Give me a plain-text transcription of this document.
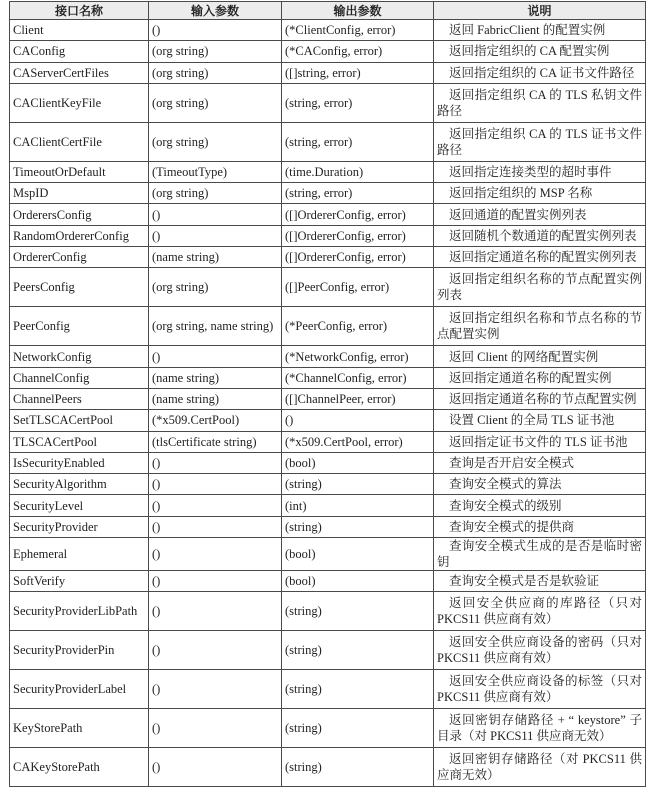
接口名称	输入参数	输出参数	说明
Client	()	(*ClientConfig, error)	返回 FabricClient 的配置实例
CAConfig	(org string)	(*CAConfig, error)	返回指定组织的 CA 配置实例
CAServerCertFiles	(org string)	([]string, error)	返回指定组织的 CA 证书文件路径
CAClientKeyFile	(org string)	(string, error)	返回指定组织 CA 的 TLS 私钥文件路径
CAClientCertFile	(org string)	(string, error)	返回指定组织 CA 的 TLS 证书文件路径
TimeoutOrDefault	(TimeoutType)	(time.Duration)	返回指定连接类型的超时事件
MspID	(org string)	(string, error)	返回指定组织的 MSP 名称
OrderersConfig	()	([]OrdererConfig, error)	返回通道的配置实例列表
RandomOrdererConfig	()	([]OrdererConfig, error)	返回随机个数通道的配置实例列表
OrdererConfig	(name string)	([]OrdererConfig, error)	返回指定通道名称的配置实例列表
PeersConfig	(org string)	([]PeerConfig, error)	返回指定组织名称的节点配置实例列表
PeerConfig	(org string, name string)	(*PeerConfig, error)	返回指定组织名称和节点名称的节点配置实例
NetworkConfig	()	(*NetworkConfig, error)	返回 Client 的网络配置实例
ChannelConfig	(name string)	(*ChannelConfig, error)	返回指定通道名称的配置实例
ChannelPeers	(name string)	([]ChannelPeer, error)	返回指定通道名称的节点配置实例
SetTLSCACertPool	(*x509.CertPool)	()	设置 Client 的全局 TLS 证书池
TLSCACertPool	(tlsCertificate string)	(*x509.CertPool, error)	返回指定证书文件的 TLS 证书池
IsSecurityEnabled	()	(bool)	查询是否开启安全模式
SecurityAlgorithm	()	(string)	查询安全模式的算法
SecurityLevel	()	(int)	查询安全模式的级别
SecurityProvider	()	(string)	查询安全模式的提供商
Ephemeral	()	(bool)	查询安全模式生成的是否是临时密钥
SoftVerify	()	(bool)	查询安全模式是否是软验证
SecurityProviderLibPath	()	(string)	返回安全供应商的库路径（只对 PKCS11 供应商有效）
SecurityProviderPin	()	(string)	返回安全供应商设备的密码（只对 PKCS11 供应商有效）
SecurityProviderLabel	()	(string)	返回安全供应商设备的标签（只对 PKCS11 供应商有效）
KeyStorePath	()	(string)	返回密钥存储路径 + “ keystore” 子目录（对 PKCS11 供应商无效）
CAKeyStorePath	()	(string)	返回密钥存储路径（对 PKCS11 供应商无效）
